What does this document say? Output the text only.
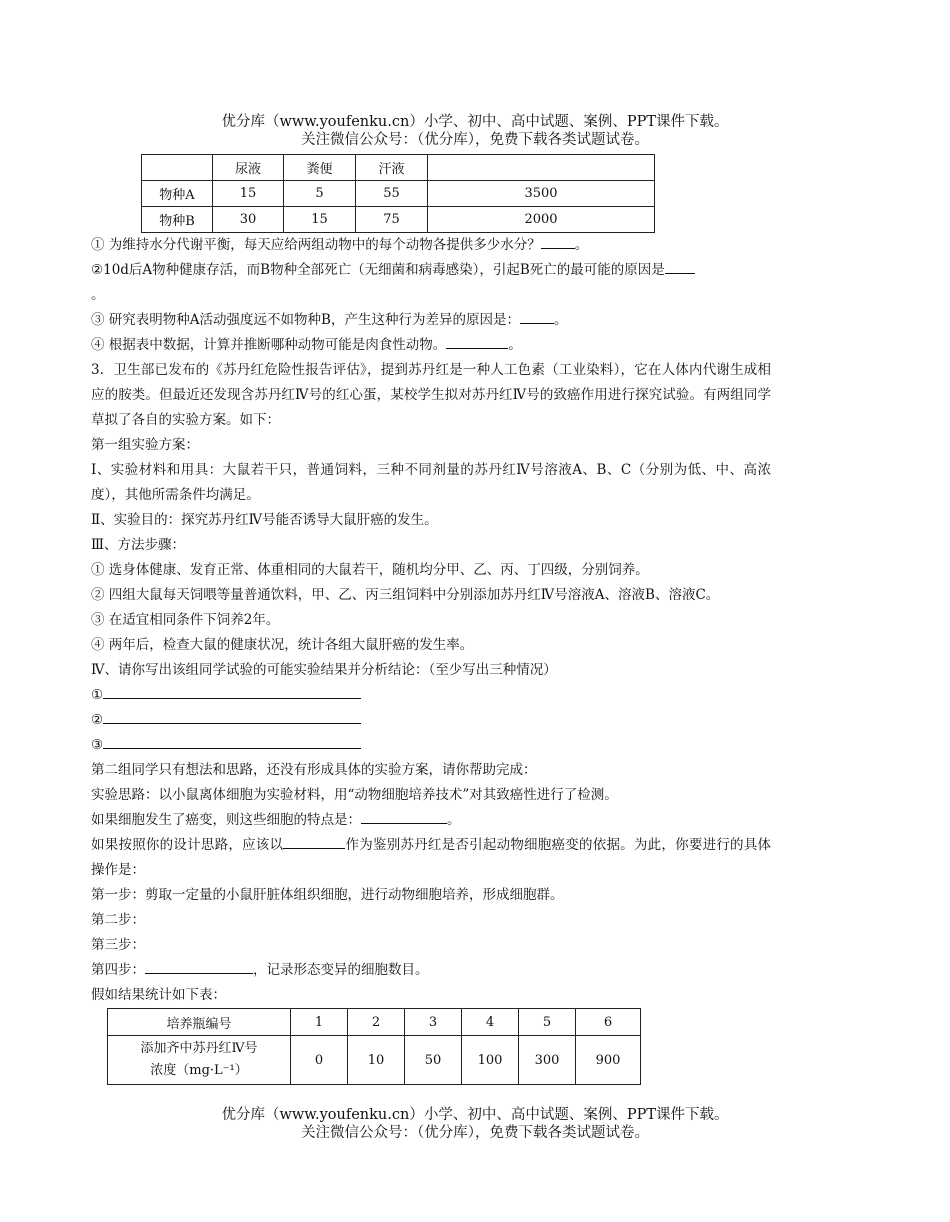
优分库（www.youfenku.cn）小学、初中、高中试题、案例、PPT课件下载。
关注微信公众号：（优分库），免费下载各类试题试卷。
	尿液	粪便	汗液	
物种A	15	5	55	3500
物种B	30	15	75	2000

① 为维持水分代谢平衡，每天应给两组动物中的每个动物各提供多少水分？	。

②10d后A物种健康存活，而B物种全部死亡（无细菌和病毒感染），引起B死亡的最可能的原因是

。

③ 研究表明物种A活动强度远不如物种B，产生这种行为差异的原因是：	。

④ 根据表中数据，计算并推断哪种动物可能是肉食性动物。	。

3．卫生部已发布的《苏丹红危险性报告评估》，提到苏丹红是一种人工色素（工业染料），它在人体内代谢生成相应的胺类。但最近还发现含苏丹红Ⅳ号的红心蛋，某校学生拟对苏丹红Ⅳ号的致癌作用进行探究试验。有两组同学草拟了各自的实验方案。如下：

第一组实验方案：

Ⅰ、实验材料和用具：大鼠若干只，普通饲料，三种不同剂量的苏丹红Ⅳ号溶液A、B、C（分别为低、中、高浓度），其他所需条件均满足。

Ⅱ、实验目的：探究苏丹红Ⅳ号能否诱导大鼠肝癌的发生。

Ⅲ、方法步骤：

① 选身体健康、发育正常、体重相同的大鼠若干，随机均分甲、乙、丙、丁四级，分别饲养。

② 四组大鼠每天饲喂等量普通饮料，甲、乙、丙三组饲料中分别添加苏丹红Ⅳ号溶液A、溶液B、溶液C。

③ 在适宜相同条件下饲养2年。

④ 两年后，检查大鼠的健康状况，统计各组大鼠肝癌的发生率。

Ⅳ、请你写出该组同学试验的可能实验结果并分析结论：（至少写出三种情况）

①

②

③

第二组同学只有想法和思路，还没有形成具体的实验方案，请你帮助完成：

实验思路：以小鼠离体细胞为实验材料，用“动物细胞培养技术”对其致癌性进行了检测。

如果细胞发生了癌变，则这些细胞的特点是：	。

如果按照你的设计思路，应该以	作为鉴别苏丹红是否引起动物细胞癌变的依据。为此，你要进行的具体操作是：

第一步：剪取一定量的小鼠肝脏体组织细胞，进行动物细胞培养，形成细胞群。

第二步：

第三步：

第四步：	，记录形态变异的细胞数目。

假如结果统计如下表：

培养瓶编号	1	2	3	4	5	6

添加齐中苏丹红Ⅳ号
浓度（mg·L⁻¹）	0	10	50	100	300	900
优分库（www.youfenku.cn）小学、初中、高中试题、案例、PPT课件下载。
关注微信公众号：（优分库），免费下载各类试题试卷。
